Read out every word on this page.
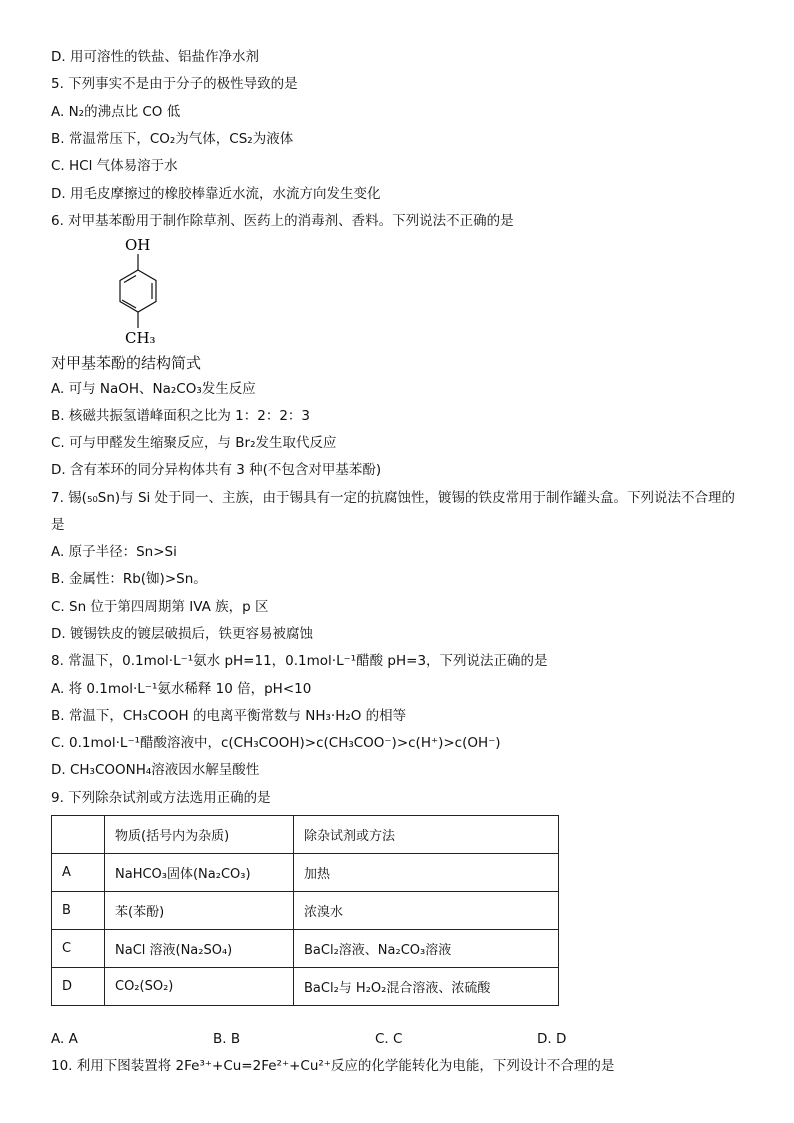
D. 用可溶性的铁盐、铝盐作净水剂
5. 下列事实不是由于分子的极性导致的是
A. N₂的沸点比 CO 低
B. 常温常压下，CO₂为气体，CS₂为液体
C. HCl 气体易溶于水
D. 用毛皮摩擦过的橡胶棒靠近水流，水流方向发生变化
6. 对甲基苯酚用于制作除草剂、医药上的消毒剂、香料。下列说法不正确的是
OH
CH₃
对甲基苯酚的结构简式
A. 可与 NaOH、Na₂CO₃发生反应
B. 核磁共振氢谱峰面积之比为 1：2：2：3
C. 可与甲醛发生缩聚反应，与 Br₂发生取代反应
D. 含有苯环的同分异构体共有 3 种(不包含对甲基苯酚)
7. 锡(₅₀Sn)与 Si 处于同一、主族，由于锡具有一定的抗腐蚀性，镀锡的铁皮常用于制作罐头盒。下列说法不合理的
是
A. 原子半径：Sn>Si
B. 金属性：Rb(铷)>Sn。
C. Sn 位于第四周期第 IVA 族，p 区
D. 镀锡铁皮的镀层破损后，铁更容易被腐蚀
8. 常温下，0.1mol·L⁻¹氨水 pH=11，0.1mol·L⁻¹醋酸 pH=3，下列说法正确的是
A. 将 0.1mol·L⁻¹氨水稀释 10 倍，pH<10
B. 常温下，CH₃COOH 的电离平衡常数与 NH₃·H₂O 的相等
C. 0.1mol·L⁻¹醋酸溶液中，c(CH₃COOH)>c(CH₃COO⁻)>c(H⁺)>c(OH⁻)
D. CH₃COONH₄溶液因水解呈酸性
9. 下列除杂试剂或方法选用正确的是
	物质(括号内为杂质)	除杂试剂或方法
A	NaHCO₃固体(Na₂CO₃)	加热
B	苯(苯酚)	浓溴水
C	NaCl 溶液(Na₂SO₄)	BaCl₂溶液、Na₂CO₃溶液
D	CO₂(SO₂)	BaCl₂与 H₂O₂混合溶液、浓硫酸
A. A	B. B	C. C	D. D
10. 利用下图装置将 2Fe³⁺+Cu=2Fe²⁺+Cu²⁺反应的化学能转化为电能，下列设计不合理的是
